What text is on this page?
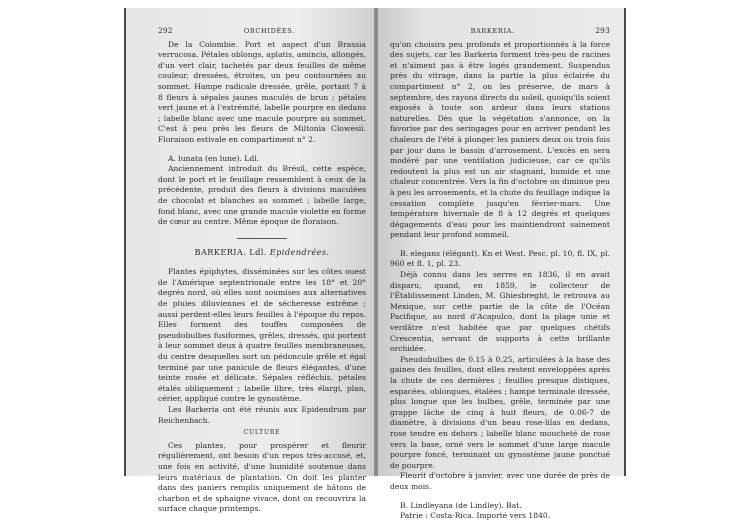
292	ORCHIDÉES.

De la Colombie. Port et aspect d'un Brassia verrucosa. Pétales oblongs, aplatis, amincis, allongés, d'un vert clair, tachetés par deux feuilles de même couleur, dressées, étroites, un peu contournées au sommet. Hampe radicale dressée, grêle, portant 7 à 8 fleurs à sépales jaunes maculés de brun ; pétales vert jaune et à l'extrémité, labelle pourpre en dedans ; labelle blanc avec une macule pourpre au sommet. C'est à peu près les fleurs de Miltonia Clowesii. Floraison estivale en compartiment n° 2.

A. lunata (en lune). Ldl.

Anciennement introduit du Brésil, cette espèce, dont le port et le feuillage ressemblent à ceux de la précédente, produit des fleurs à divisions maculées de chocolat et blanches au sommet ; labelle large, fond blanc, avec une grande macule violette en forme de cœur au centre. Même époque de floraison.

BARKERIA. Ldl. Epidendrées.

Plantes épiphytes, disséminées sur les côtes ouest de l'Amérique septentrionale entre les 18° et 20° degrés nord, où elles sont soumises aux alternatives de pluies diluviennes et de sécheresse extrême ; aussi perdent-elles leurs feuilles à l'époque du repos. Elles forment des touffes composées de pseudobulbes fusiformes, grêles, dressés, qui portent à leur sommet deux à quatre feuilles membraneuses, du centre desquelles sort un pédoncule grêle et égal terminé par une panicule de fleurs élégantes, d'une teinte rosée et délicate. Sépales réfléchis, pétales étalés obliquement ; labelle libre, très élargi, plan, cérier, appliqué contre le gynostème.

Les Barkeria ont été réunis aux Epidendrum par Reichenbach.

CULTURE

Ces plantes, pour prospérer et fleurir régulièrement, ont besoin d'un repos très-accusé, et, une fois en activité, d'une humidité soutenue dans leurs matériaux de plantation. On doit les planter dans des paniers remplis uniquement de bâtons de charbon et de sphaigne vivace, dont on recouvrira la surface chaque printemps.

BARKERIA.	293

qu'on choisira peu profonds et proportionnés à la force des sujets, car les Barkeria forment très-peu de racines et n'aiment pas à être logés grandement. Suspendus près du vitrage, dans la partie la plus éclairée du compartiment n° 2, on les préserve, de mars à septembre, des rayons directs du soleil, quoiqu'ils soient exposés à toute son ardeur dans leurs stations naturelles. Dès que la végétation s'annonce, on la favorise par des seringages pour en arriver pendant les chaleurs de l'été à plonger les paniers deux ou trois fois par jour dans le bassin d'arrosement. L'excès en sera modéré par une ventilation judicieuse, car ce qu'ils redoutent la plus est un air stagnant, humide et une chaleur concentrée. Vers la fin d'octobre on diminue peu à peu les arrosements, et la chute du feuillage indique la cessation complète jusqu'en février-mars. Une température hivernale de 8 à 12 degrés et quelques dégagements d'eau pour les maintiendront sainement pendant leur profond sommeil.

B. elegans (élégant). Kn et West. Pesc. pl. 10, fl. IX, pl. 960 et fl. 1, pl. 23.

Déjà connu dans les serres en 1836, il en avait disparu, quand, en 1859, le collecteur de l'Établissement Linden, M. Ghiesbreght, le retrouva au Mexique, sur cette partie de la côte de l'Océan Pacifique, au nord d'Acapulco, dont la plage unie et verdâtre n'est habitée que par quelques chétifs Crescentia, servant de supports à cette brillante orchidée.

Pseudobulbes de 0.15 à 0.25, articulées à la base des gaines des feuilles, dont elles restent enveloppées après la chute de ces dernières ; feuilles presque distiques, espacées, oblongues, étalées ; hampe terminale dressée, plus longue que les bulbes, grêle, terminée par une grappe lâche de cinq à huit fleurs, de 0.06-7 de diamètre, à divisions d'un beau rose-lilas en dedans, rose tendre en dehors ; labelle blanc moucheté de rose vers la base, orné vers le sommet d'une large macule pourpre foncé, terminant un gynostème jaune ponctué de pourpre.

Fleurit d'octobre à janvier, avec une durée de près de deux mois.

B. Lindleyana (de Lindley). Bat.

Patrie : Costa-Rica. Importé vers 1840.
